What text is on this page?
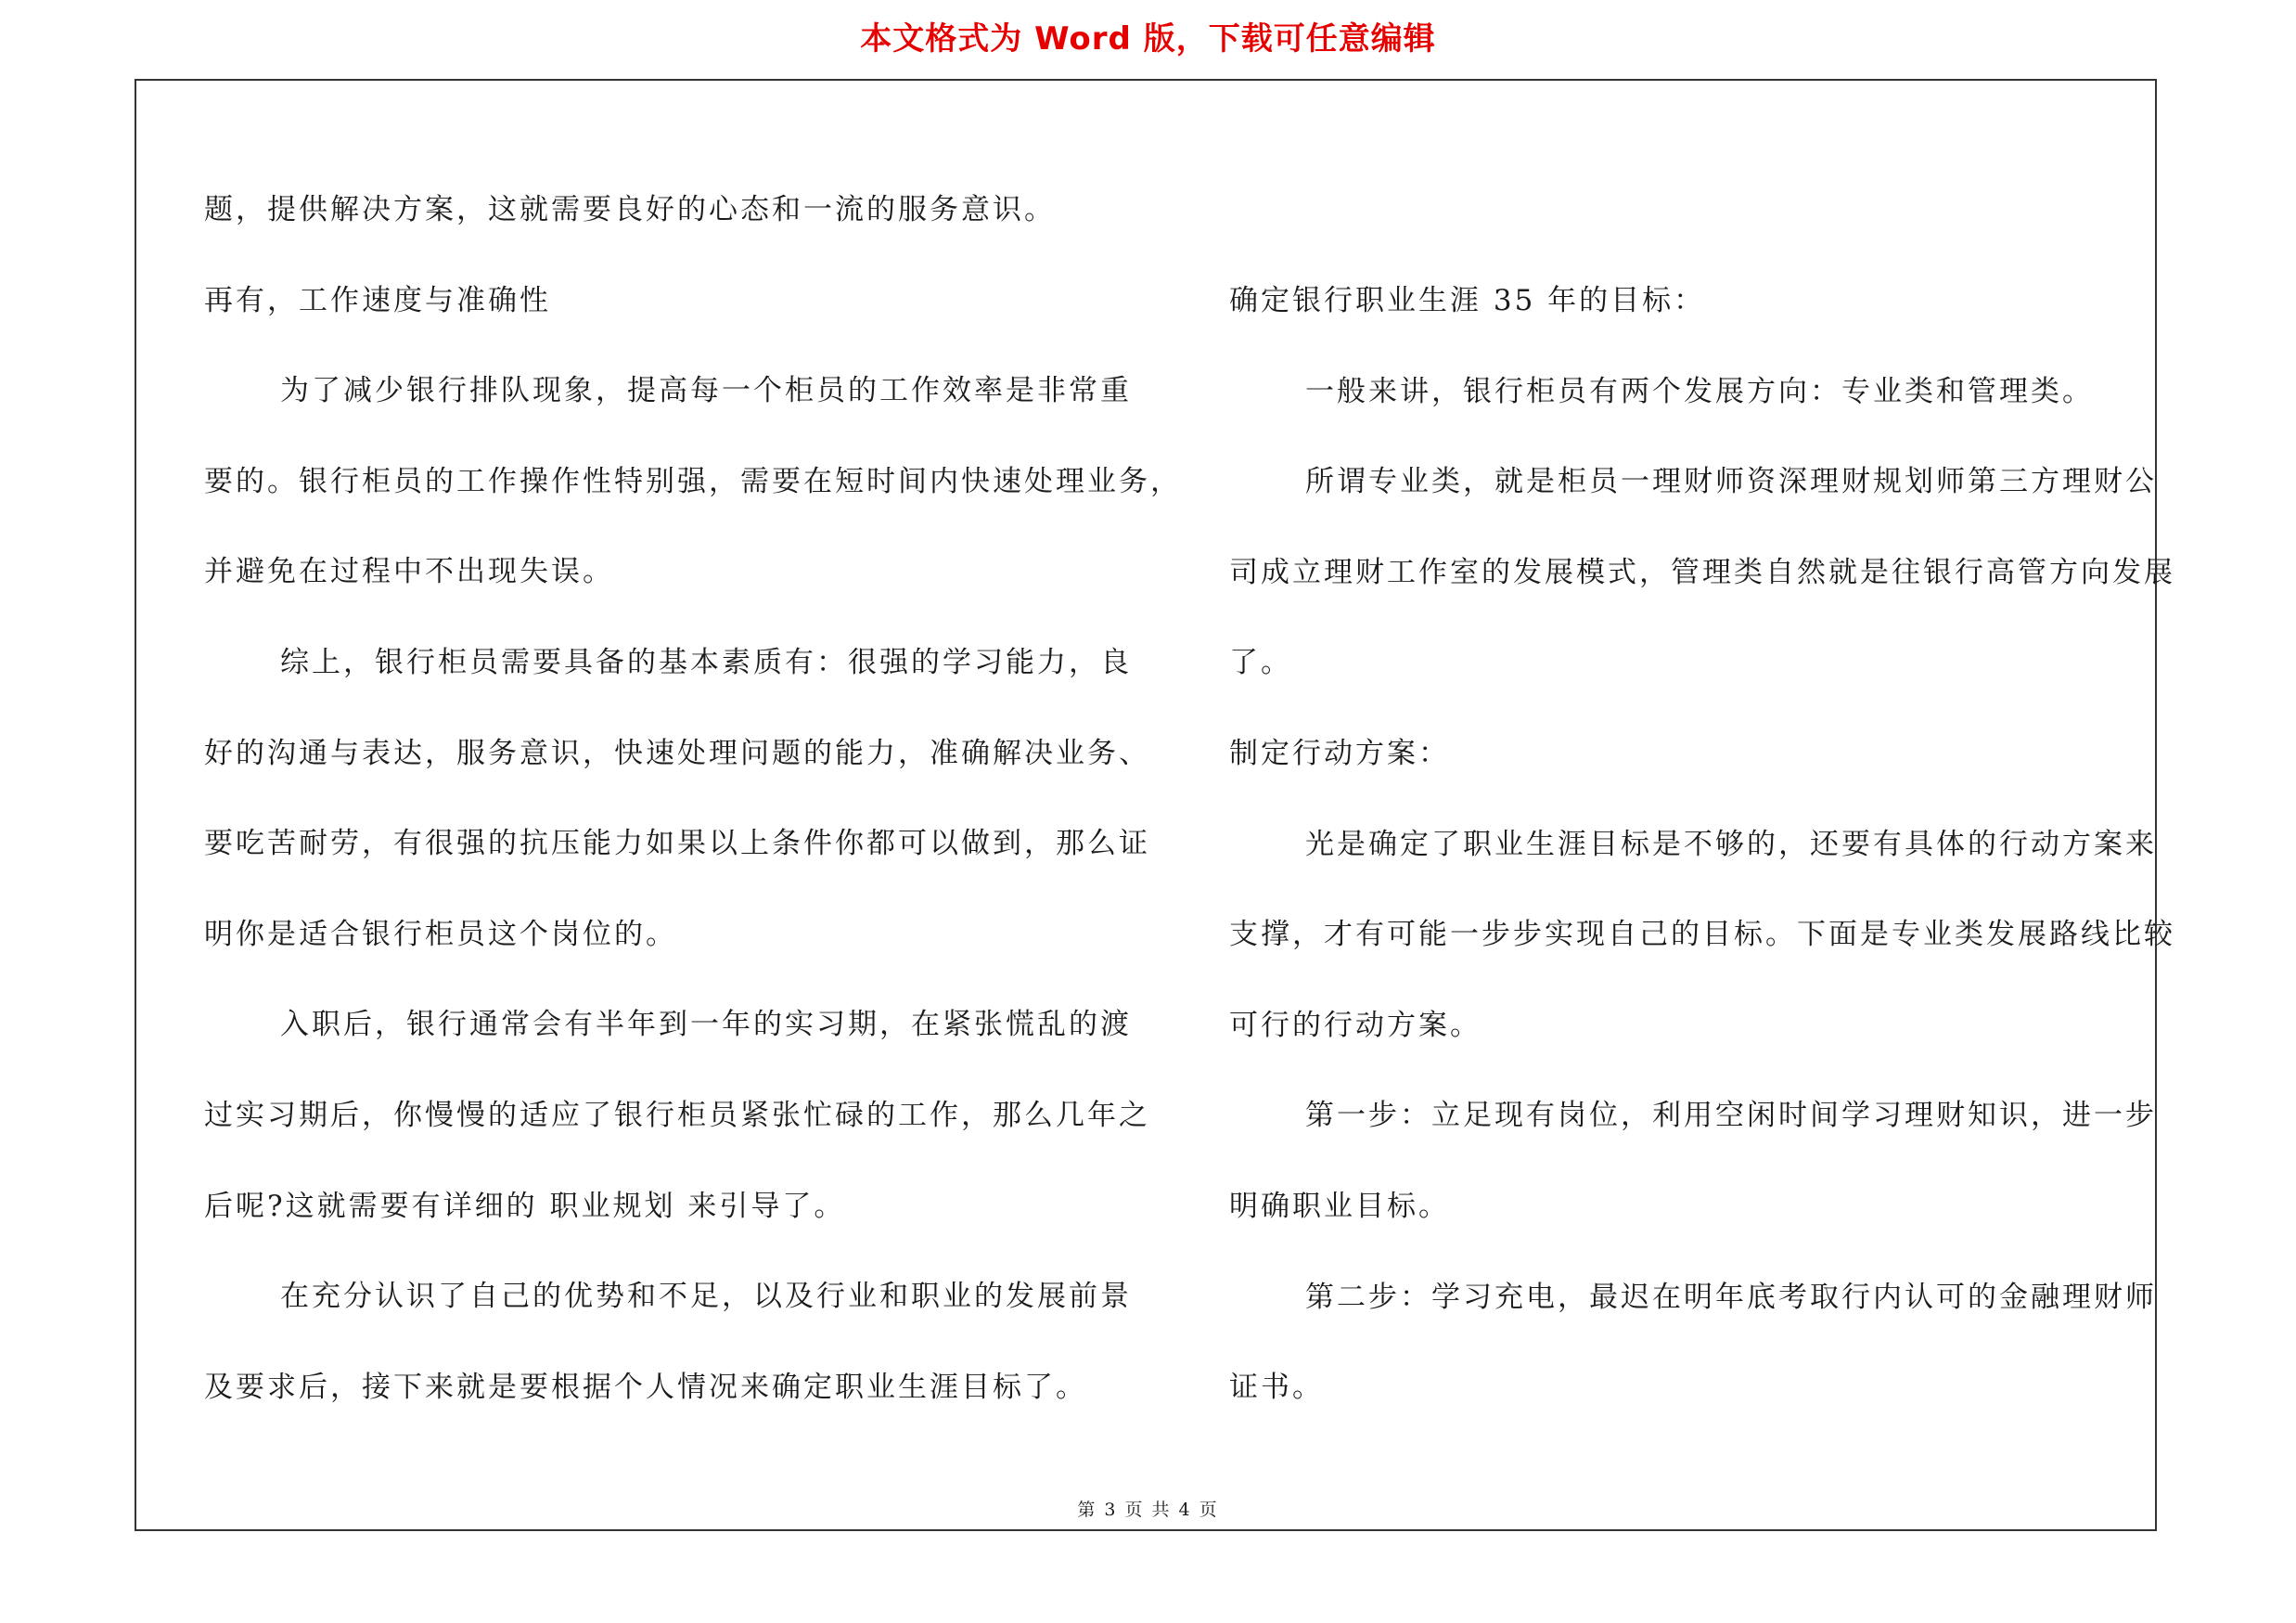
本文格式为 Word 版，下载可任意编辑
题，提供解决方案，这就需要良好的心态和一流的服务意识。
再有，工作速度与准确性
为了减少银行排队现象，提高每一个柜员的工作效率是非常重
要的。银行柜员的工作操作性特别强，需要在短时间内快速处理业务，
并避免在过程中不出现失误。
综上，银行柜员需要具备的基本素质有：很强的学习能力，良
好的沟通与表达，服务意识，快速处理问题的能力，准确解决业务、
要吃苦耐劳，有很强的抗压能力如果以上条件你都可以做到，那么证
明你是适合银行柜员这个岗位的。
入职后，银行通常会有半年到一年的实习期，在紧张慌乱的渡
过实习期后，你慢慢的适应了银行柜员紧张忙碌的工作，那么几年之
后呢?这就需要有详细的 职业规划 来引导了。
在充分认识了自己的优势和不足，以及行业和职业的发展前景
及要求后，接下来就是要根据个人情况来确定职业生涯目标了。
确定银行职业生涯 35 年的目标：
一般来讲，银行柜员有两个发展方向：专业类和管理类。
所谓专业类，就是柜员一理财师资深理财规划师第三方理财公
司成立理财工作室的发展模式，管理类自然就是往银行高管方向发展
了。
制定行动方案：
光是确定了职业生涯目标是不够的，还要有具体的行动方案来
支撑，才有可能一步步实现自己的目标。下面是专业类发展路线比较
可行的行动方案。
第一步：立足现有岗位，利用空闲时间学习理财知识，进一步
明确职业目标。
第二步：学习充电，最迟在明年底考取行内认可的金融理财师
证书。
第 3 页 共 4 页
